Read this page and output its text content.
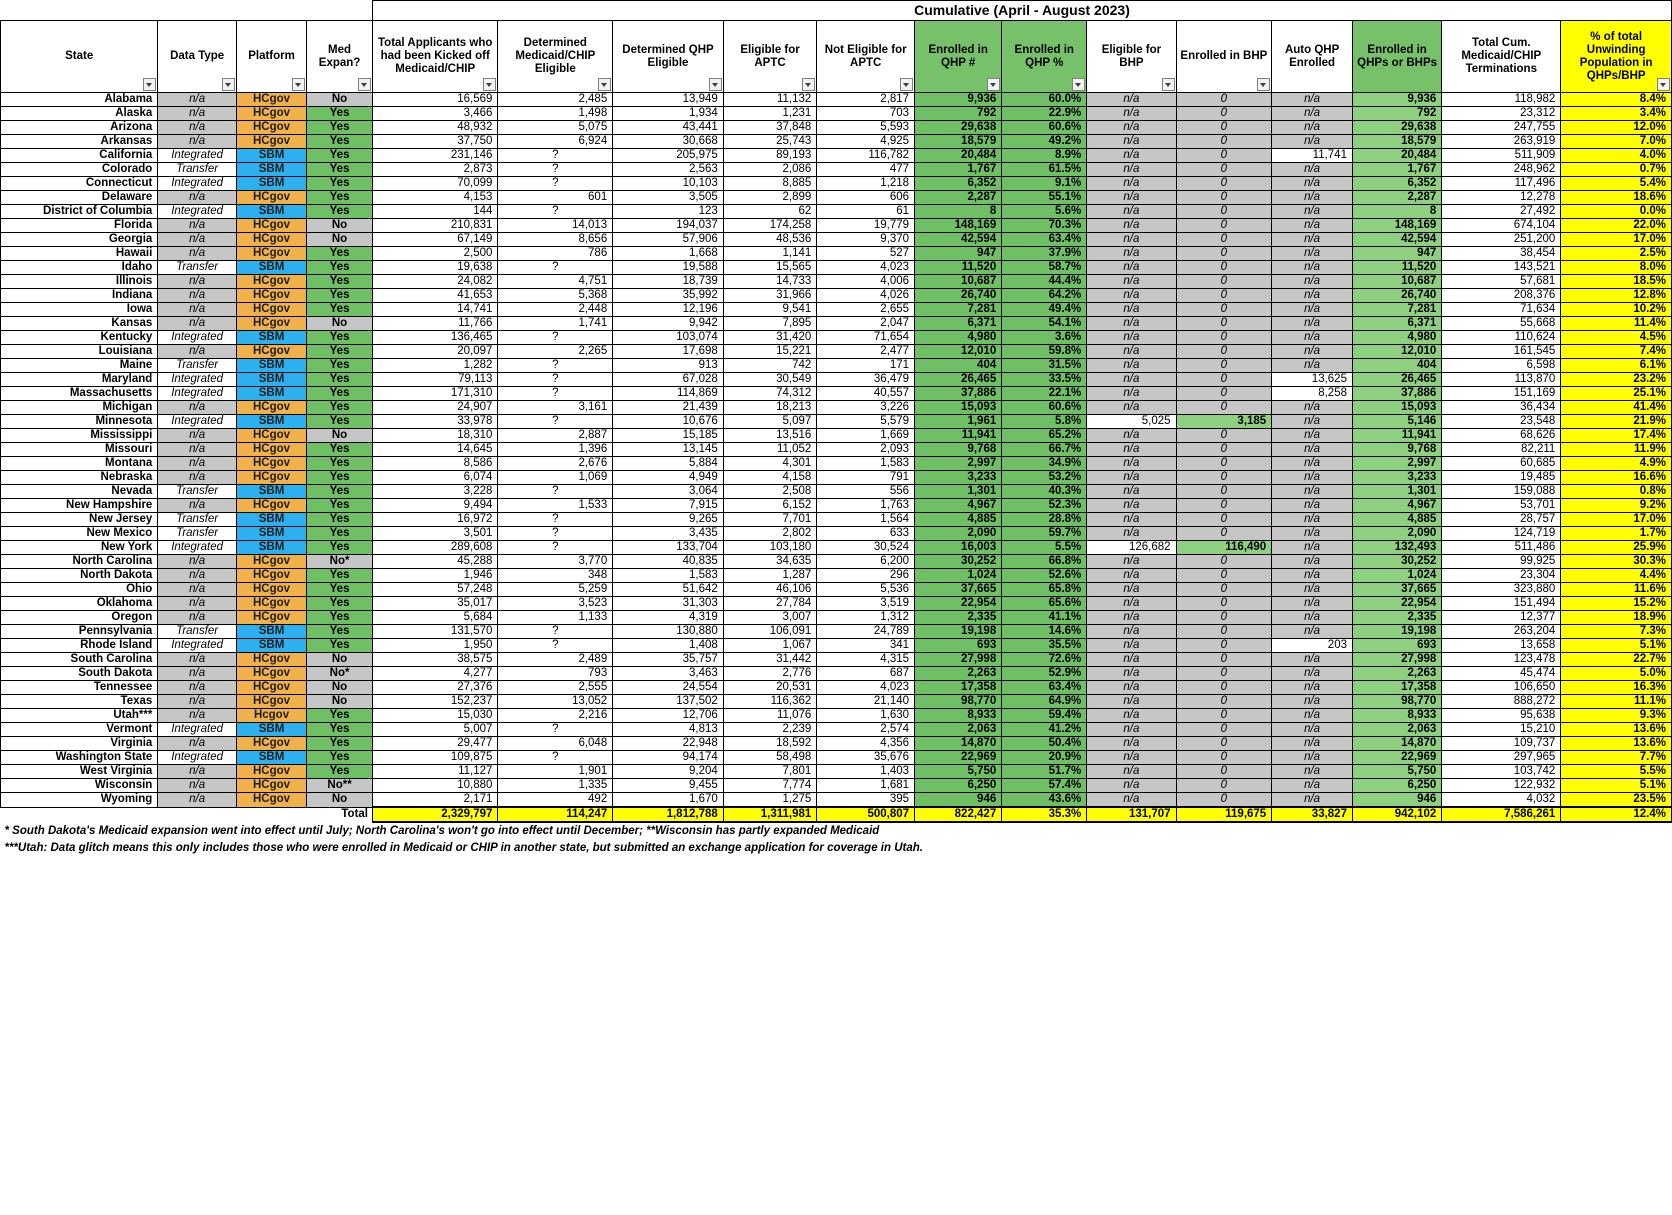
				Cumulative (April - August 2023)												
State	Data Type	Platform	Med Expan?	Total Applicants who had been Kicked off Medicaid/CHIP	Determined Medicaid/CHIP Eligible	Determined QHP Eligible	Eligible for APTC	Not Eligible for APTC	Enrolled in QHP #	Enrolled in QHP %	Eligible for BHP	Enrolled in BHP	Auto QHP Enrolled	Enrolled in QHPs or BHPs	Total Cum. Medicaid/CHIP Terminations	% of total Unwinding Population in QHPs/BHP

Alabama	n/a	HCgov	No	16,569	2,485	13,949	11,132	2,817	9,936	60.0%	n/a	0	n/a	9,936	118,982	8.4%
Alaska	n/a	HCgov	Yes	3,466	1,498	1,934	1,231	703	792	22.9%	n/a	0	n/a	792	23,312	3.4%
Arizona	n/a	HCgov	Yes	48,932	5,075	43,441	37,848	5,593	29,638	60.6%	n/a	0	n/a	29,638	247,755	12.0%
Arkansas	n/a	HCgov	Yes	37,750	6,924	30,668	25,743	4,925	18,579	49.2%	n/a	0	n/a	18,579	263,919	7.0%
California	Integrated	SBM	Yes	231,146	?	205,975	89,193	116,782	20,484	8.9%	n/a	0	11,741	20,484	511,909	4.0%
Colorado	Transfer	SBM	Yes	2,873	?	2,563	2,086	477	1,767	61.5%	n/a	0	n/a	1,767	248,962	0.7%
Connecticut	Integrated	SBM	Yes	70,099	?	10,103	8,885	1,218	6,352	9.1%	n/a	0	n/a	6,352	117,496	5.4%
Delaware	n/a	HCgov	Yes	4,153	601	3,505	2,899	606	2,287	55.1%	n/a	0	n/a	2,287	12,278	18.6%
District of Columbia	Integrated	SBM	Yes	144	?	123	62	61	8	5.6%	n/a	0	n/a	8	27,492	0.0%
Florida	n/a	HCgov	No	210,831	14,013	194,037	174,258	19,779	148,169	70.3%	n/a	0	n/a	148,169	674,104	22.0%
Georgia	n/a	HCgov	No	67,149	8,656	57,906	48,536	9,370	42,594	63.4%	n/a	0	n/a	42,594	251,200	17.0%
Hawaii	n/a	HCgov	Yes	2,500	786	1,668	1,141	527	947	37.9%	n/a	0	n/a	947	38,454	2.5%
Idaho	Transfer	SBM	Yes	19,638	?	19,588	15,565	4,023	11,520	58.7%	n/a	0	n/a	11,520	143,521	8.0%
Illinois	n/a	HCgov	Yes	24,082	4,751	18,739	14,733	4,006	10,687	44.4%	n/a	0	n/a	10,687	57,681	18.5%
Indiana	n/a	HCgov	Yes	41,653	5,368	35,992	31,966	4,026	26,740	64.2%	n/a	0	n/a	26,740	208,376	12.8%
Iowa	n/a	HCgov	Yes	14,741	2,448	12,196	9,541	2,655	7,281	49.4%	n/a	0	n/a	7,281	71,634	10.2%
Kansas	n/a	HCgov	No	11,766	1,741	9,942	7,895	2,047	6,371	54.1%	n/a	0	n/a	6,371	55,668	11.4%
Kentucky	Integrated	SBM	Yes	136,465	?	103,074	31,420	71,654	4,980	3.6%	n/a	0	n/a	4,980	110,624	4.5%
Louisiana	n/a	HCgov	Yes	20,097	2,265	17,698	15,221	2,477	12,010	59.8%	n/a	0	n/a	12,010	161,545	7.4%
Maine	Transfer	SBM	Yes	1,282	?	913	742	171	404	31.5%	n/a	0	n/a	404	6,598	6.1%
Maryland	Integrated	SBM	Yes	79,113	?	67,028	30,549	36,479	26,465	33.5%	n/a	0	13,625	26,465	113,870	23.2%
Massachusetts	Integrated	SBM	Yes	171,310	?	114,869	74,312	40,557	37,886	22.1%	n/a	0	8,258	37,886	151,169	25.1%
Michigan	n/a	HCgov	Yes	24,907	3,161	21,439	18,213	3,226	15,093	60.6%	n/a	0	n/a	15,093	36,434	41.4%
Minnesota	Integrated	SBM	Yes	33,978	?	10,676	5,097	5,579	1,961	5.8%	5,025	3,185	n/a	5,146	23,548	21.9%
Mississippi	n/a	HCgov	No	18,310	2,887	15,185	13,516	1,669	11,941	65.2%	n/a	0	n/a	11,941	68,626	17.4%
Missouri	n/a	HCgov	Yes	14,645	1,396	13,145	11,052	2,093	9,768	66.7%	n/a	0	n/a	9,768	82,211	11.9%
Montana	n/a	HCgov	Yes	8,586	2,676	5,884	4,301	1,583	2,997	34.9%	n/a	0	n/a	2,997	60,685	4.9%
Nebraska	n/a	HCgov	Yes	6,074	1,069	4,949	4,158	791	3,233	53.2%	n/a	0	n/a	3,233	19,485	16.6%
Nevada	Transfer	SBM	Yes	3,228	?	3,064	2,508	556	1,301	40.3%	n/a	0	n/a	1,301	159,088	0.8%
New Hampshire	n/a	HCgov	Yes	9,494	1,533	7,915	6,152	1,763	4,967	52.3%	n/a	0	n/a	4,967	53,701	9.2%
New Jersey	Transfer	SBM	Yes	16,972	?	9,265	7,701	1,564	4,885	28.8%	n/a	0	n/a	4,885	28,757	17.0%
New Mexico	Transfer	SBM	Yes	3,501	?	3,435	2,802	633	2,090	59.7%	n/a	0	n/a	2,090	124,719	1.7%
New York	Integrated	SBM	Yes	289,608	?	133,704	103,180	30,524	16,003	5.5%	126,682	116,490	n/a	132,493	511,486	25.9%
North Carolina	n/a	HCgov	No*	45,288	3,770	40,835	34,635	6,200	30,252	66.8%	n/a	0	n/a	30,252	99,925	30.3%
North Dakota	n/a	HCgov	Yes	1,946	348	1,583	1,287	296	1,024	52.6%	n/a	0	n/a	1,024	23,304	4.4%
Ohio	n/a	HCgov	Yes	57,248	5,259	51,642	46,106	5,536	37,665	65.8%	n/a	0	n/a	37,665	323,880	11.6%
Oklahoma	n/a	HCgov	Yes	35,017	3,523	31,303	27,784	3,519	22,954	65.6%	n/a	0	n/a	22,954	151,494	15.2%
Oregon	n/a	HCgov	Yes	5,684	1,133	4,319	3,007	1,312	2,335	41.1%	n/a	0	n/a	2,335	12,377	18.9%
Pennsylvania	Transfer	SBM	Yes	131,570	?	130,880	106,091	24,789	19,198	14.6%	n/a	0	n/a	19,198	263,204	7.3%
Rhode Island	Integrated	SBM	Yes	1,950	?	1,408	1,067	341	693	35.5%	n/a	0	203	693	13,658	5.1%
South Carolina	n/a	HCgov	No	38,575	2,489	35,757	31,442	4,315	27,998	72.6%	n/a	0	n/a	27,998	123,478	22.7%
South Dakota	n/a	HCgov	No*	4,277	793	3,463	2,776	687	2,263	52.9%	n/a	0	n/a	2,263	45,474	5.0%
Tennessee	n/a	HCgov	No	27,376	2,555	24,554	20,531	4,023	17,358	63.4%	n/a	0	n/a	17,358	106,650	16.3%
Texas	n/a	HCgov	No	152,237	13,052	137,502	116,362	21,140	98,770	64.9%	n/a	0	n/a	98,770	888,272	11.1%
Utah***	n/a	Hcgov	Yes	15,030	2,216	12,706	11,076	1,630	8,933	59.4%	n/a	0	n/a	8,933	95,638	9.3%
Vermont	Integrated	SBM	Yes	5,007	?	4,813	2,239	2,574	2,063	41.2%	n/a	0	n/a	2,063	15,210	13.6%
Virginia	n/a	HCgov	Yes	29,477	6,048	22,948	18,592	4,356	14,870	50.4%	n/a	0	n/a	14,870	109,737	13.6%
Washington State	Integrated	SBM	Yes	109,875	?	94,174	58,498	35,676	22,969	20.9%	n/a	0	n/a	22,969	297,965	7.7%
West Virginia	n/a	HCgov	Yes	11,127	1,901	9,204	7,801	1,403	5,750	51.7%	n/a	0	n/a	5,750	103,742	5.5%
Wisconsin	n/a	HCgov	No**	10,880	1,335	9,455	7,774	1,681	6,250	57.4%	n/a	0	n/a	6,250	122,932	5.1%
Wyoming	n/a	HCgov	No	2,171	492	1,670	1,275	395	946	43.6%	n/a	0	n/a	946	4,032	23.5%
			Total	2,329,797	114,247	1,812,788	1,311,981	500,807	822,427	35.3%	131,707	119,675	33,827	942,102	7,586,261	12.4%
* South Dakota's Medicaid expansion went into effect until July; North Carolina's won't go into effect until December; **Wisconsin has partly expanded Medicaid																
***Utah: Data glitch means this only includes those who were enrolled in Medicaid or CHIP in another state, but submitted an exchange application for coverage in Utah.																
